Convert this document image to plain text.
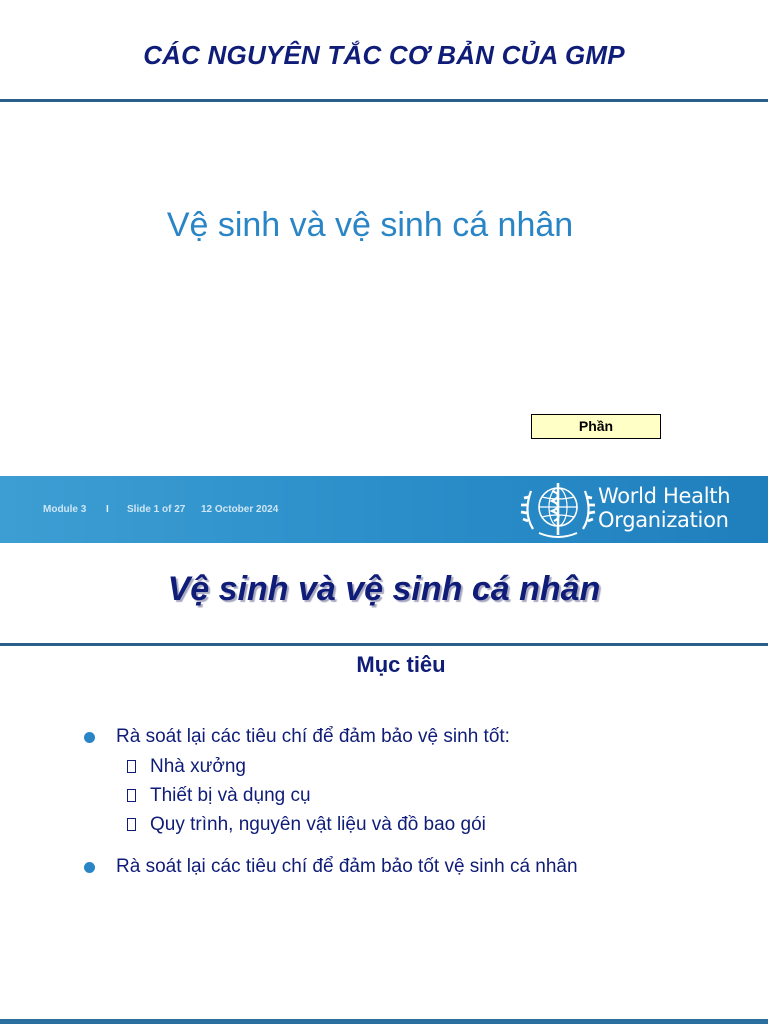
CÁC NGUYÊN TẮC CƠ BẢN CỦA GMP
Vệ sinh và vệ sinh cá nhân
Phần
Module 3 I Slide 1 of 27 12 October 2024
World Health
Organization
Vệ sinh và vệ sinh cá nhân
Mục tiêu
Rà soát lại các tiêu chí để đảm bảo vệ sinh tốt:
Nhà xưởng
Thiết bị và dụng cụ
Quy trình, nguyên vật liệu và đồ bao gói
Rà soát lại các tiêu chí để đảm bảo tốt vệ sinh cá nhân
